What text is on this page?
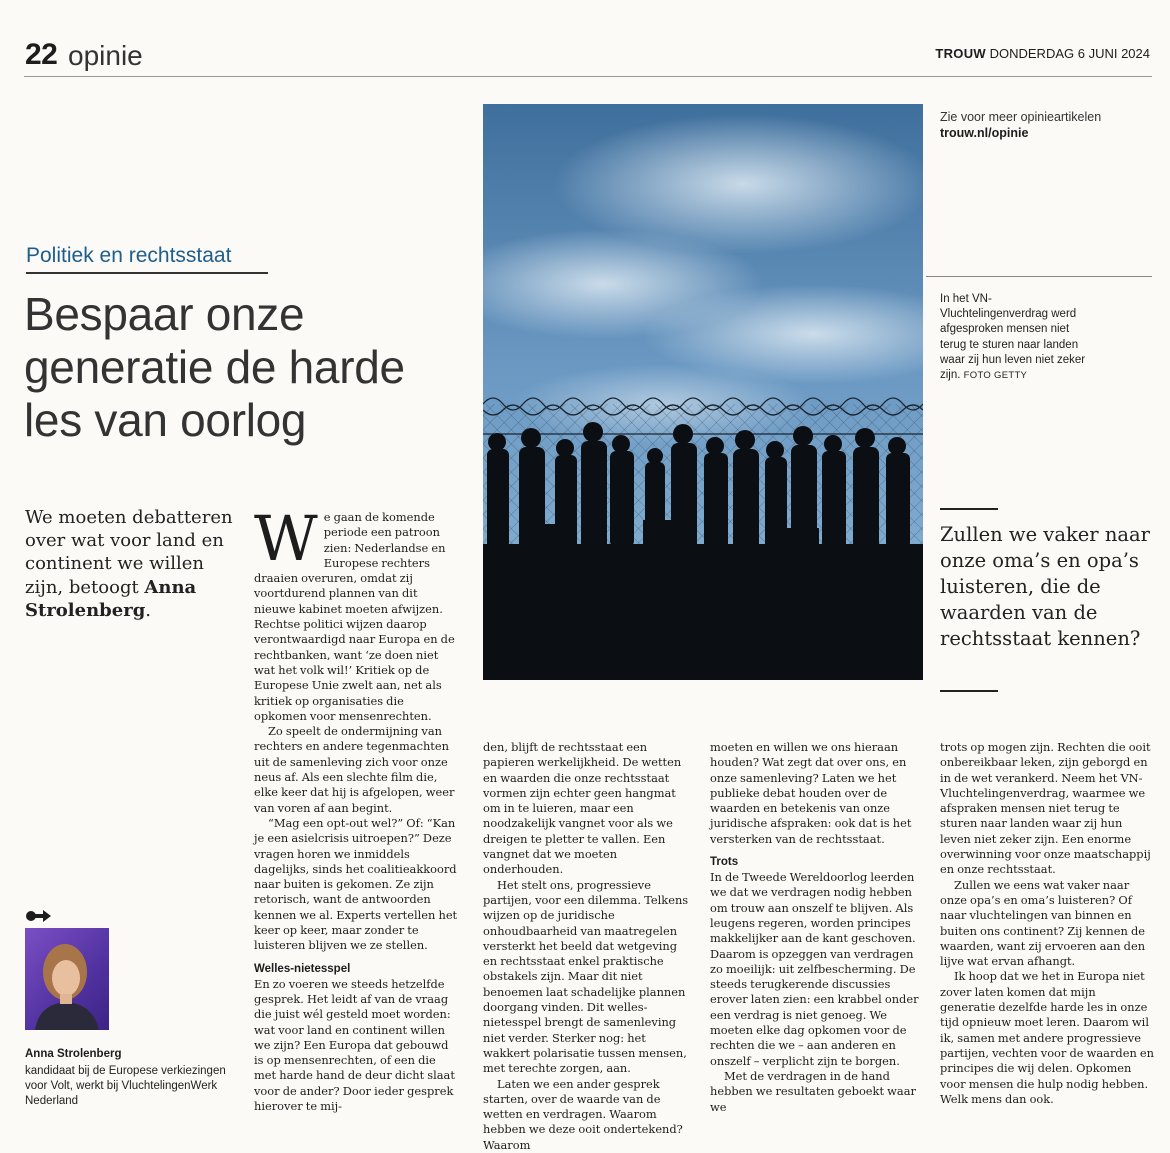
22 opinie	TROUW DONDERDAG 6 JUNI 2024
Politiek en rechtsstaat
Bespaar onze generatie de harde les van oorlog
Zie voor meer opinieartikelen
trouw.nl/opinie
In het VN-Vluchtelingenverdrag werd afgesproken mensen niet terug te sturen naar landen waar zij hun leven niet zeker zijn. FOTO GETTY
We moeten debatteren over wat voor land en continent we willen zijn, betoogt Anna Strolenberg.
Zullen we vaker naar onze oma’s en opa’s luisteren, die de waarden van de rechtsstaat kennen?

We gaan de komende periode een patroon zien: Nederlandse en Europese rechters draaien overuren, omdat zij voortdurend plannen van dit nieuwe kabinet moeten afwijzen. Rechtse politici wijzen daarop verontwaardigd naar Europa en de rechtbanken, want ‘ze doen niet wat het volk wil!’ Kritiek op de Europese Unie zwelt aan, net als kritiek op organisaties die opkomen voor mensenrechten.

Zo speelt de ondermijning van rechters en andere tegenmachten uit de samenleving zich voor onze neus af. Als een slechte film die, elke keer dat hij is afgelopen, weer van voren af aan begint.

“Mag een opt-out wel?” Of: “Kan je een asielcrisis uitroepen?” Deze vragen horen we inmiddels dagelijks, sinds het coalitieakkoord naar buiten is gekomen. Ze zijn retorisch, want de antwoorden kennen we al. Experts vertellen het keer op keer, maar zonder te luisteren blijven we ze stellen.

Welles-nietesspel

En zo voeren we steeds hetzelfde gesprek. Het leidt af van de vraag die juist wél gesteld moet worden: wat voor land en continent willen we zijn? Een Europa dat gebouwd is op mensenrechten, of een die met harde hand de deur dicht slaat voor de ander? Door ieder gesprek hierover te mij-

den, blijft de rechtsstaat een papieren werkelijkheid. De wetten en waarden die onze rechtsstaat vormen zijn echter geen hangmat om in te luieren, maar een noodzakelijk vangnet voor als we dreigen te pletter te vallen. Een vangnet dat we moeten onderhouden.

Het stelt ons, progressieve partijen, voor een dilemma. Telkens wijzen op de juridische onhoudbaarheid van maatregelen versterkt het beeld dat wetgeving en rechtsstaat enkel praktische obstakels zijn. Maar dit niet benoemen laat schadelijke plannen doorgang vinden. Dit welles-nietesspel brengt de samenleving niet verder. Sterker nog: het wakkert polarisatie tussen mensen, met terechte zorgen, aan.

Laten we een ander gesprek starten, over de waarde van de wetten en verdragen. Waarom hebben we deze ooit ondertekend? Waarom

moeten en willen we ons hieraan houden? Wat zegt dat over ons, en onze samenleving? Laten we het publieke debat houden over de waarden en betekenis van onze juridische afspraken: ook dat is het versterken van de rechtsstaat.

Trots

In de Tweede Wereldoorlog leerden we dat we verdragen nodig hebben om trouw aan onszelf te blijven. Als leugens regeren, worden principes makkelijker aan de kant geschoven. Daarom is opzeggen van verdragen zo moeilijk: uit zelfbescherming. De steeds terugkerende discussies erover laten zien: een krabbel onder een verdrag is niet genoeg. We moeten elke dag opkomen voor de rechten die we – aan anderen en onszelf – verplicht zijn te borgen.

Met de verdragen in de hand hebben we resultaten geboekt waar we

trots op mogen zijn. Rechten die ooit onbereikbaar leken, zijn geborgd en in de wet verankerd. Neem het VN-Vluchtelingenverdrag, waarmee we afspraken mensen niet terug te sturen naar landen waar zij hun leven niet zeker zijn. Een enorme overwinning voor onze maatschappij en onze rechtsstaat.

Zullen we eens wat vaker naar onze opa’s en oma’s luisteren? Of naar vluchtelingen van binnen en buiten ons continent? Zij kennen de waarden, want zij ervoeren aan den lijve wat ervan afhangt.

Ik hoop dat we het in Europa niet zover laten komen dat mijn generatie dezelfde harde les in onze tijd opnieuw moet leren. Daarom wil ik, samen met andere progressieve partijen, vechten voor de waarden en principes die wij delen. Opkomen voor mensen die hulp nodig hebben. Welk mens dan ook.

Anna Strolenberg
kandidaat bij de Europese verkiezingen voor Volt, werkt bij VluchtelingenWerk Nederland
